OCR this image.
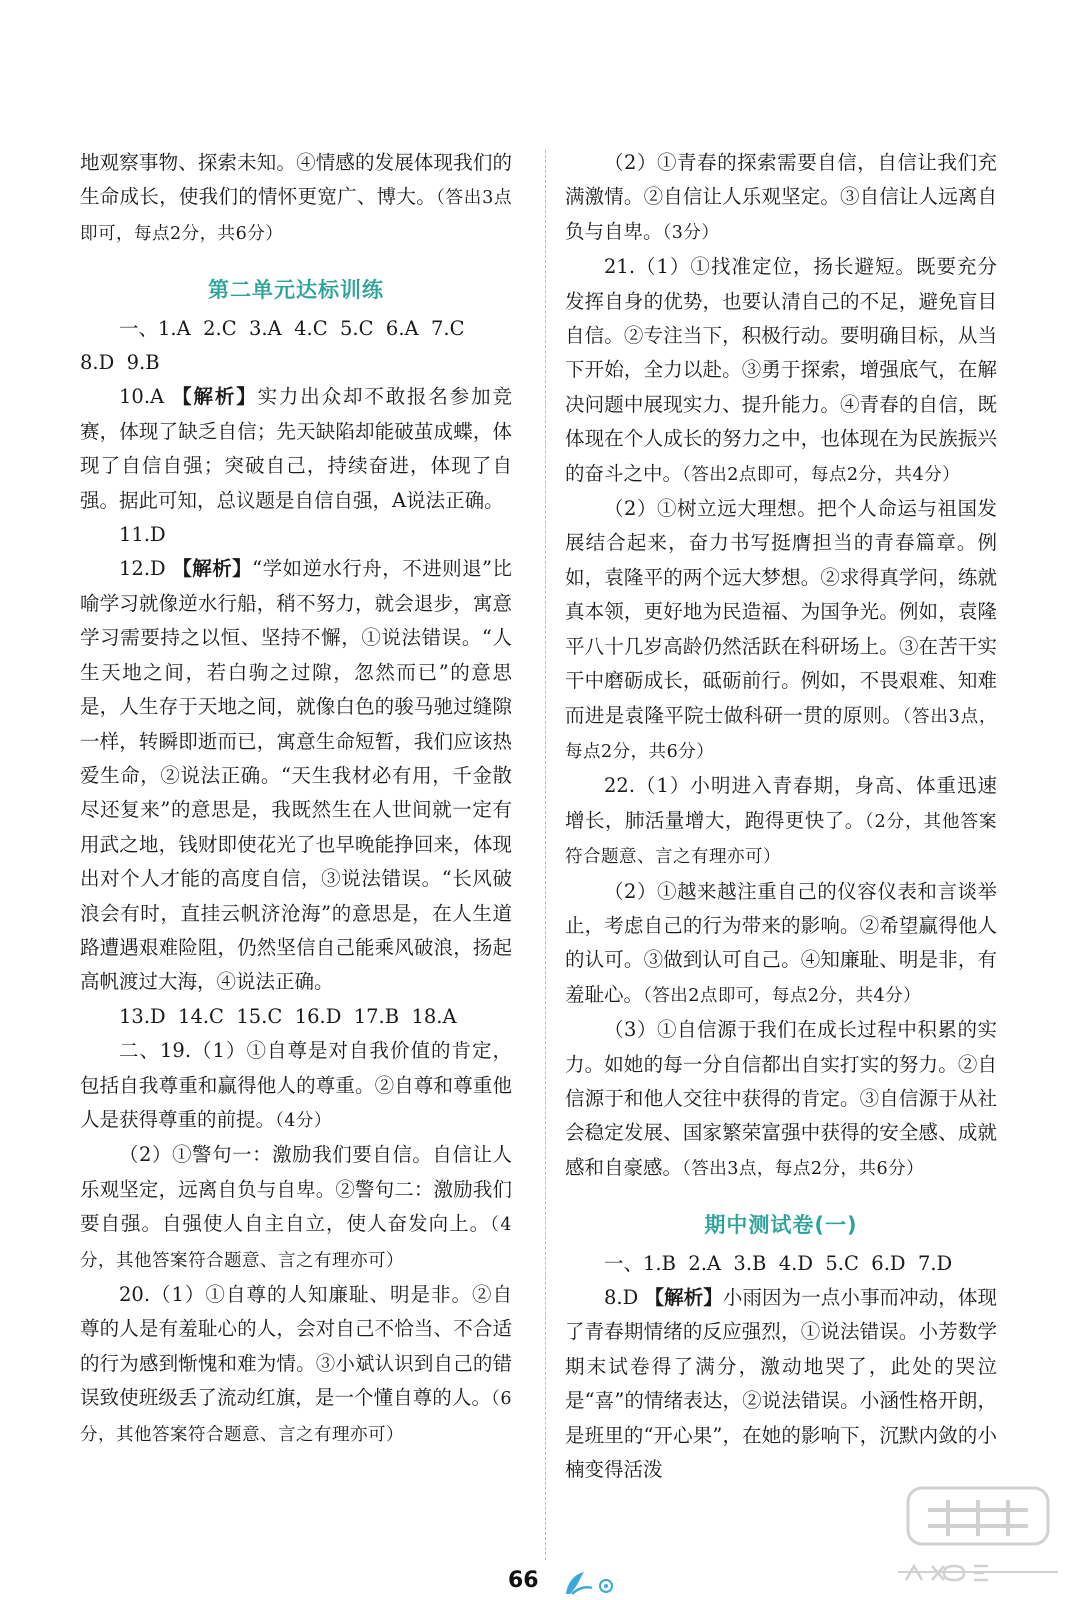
地观察事物、探索未知。④情感的发展体现我们的生命成长，使我们的情怀更宽广、博大。（答出3点即可，每点2分，共6分）

第二单元达标训练

一、1.A  2.C  3.A  4.C  5.C  6.A  7.C

8.D  9.B

10.A 【解析】实力出众却不敢报名参加竞赛，体现了缺乏自信；先天缺陷却能破茧成蝶，体现了自信自强；突破自己，持续奋进，体现了自强。据此可知，总议题是自信自强，A说法正确。

11.D

12.D 【解析】“学如逆水行舟，不进则退”比喻学习就像逆水行船，稍不努力，就会退步，寓意学习需要持之以恒、坚持不懈，①说法错误。“人生天地之间，若白驹之过隙，忽然而已”的意思是，人生存于天地之间，就像白色的骏马驰过缝隙一样，转瞬即逝而已，寓意生命短暂，我们应该热爱生命，②说法正确。“天生我材必有用，千金散尽还复来”的意思是，我既然生在人世间就一定有用武之地，钱财即使花光了也早晚能挣回来，体现出对个人才能的高度自信，③说法错误。“长风破浪会有时，直挂云帆济沧海”的意思是，在人生道路遭遇艰难险阻，仍然坚信自己能乘风破浪，扬起高帆渡过大海，④说法正确。

13.D  14.C  15.C  16.D  17.B  18.A

二、19.（1）①自尊是对自我价值的肯定，包括自我尊重和赢得他人的尊重。②自尊和尊重他人是获得尊重的前提。（4分）

（2）①警句一：激励我们要自信。自信让人乐观坚定，远离自负与自卑。②警句二：激励我们要自强。自强使人自主自立，使人奋发向上。（4分，其他答案符合题意、言之有理亦可）

20.（1）①自尊的人知廉耻、明是非。②自尊的人是有羞耻心的人，会对自己不恰当、不合适的行为感到惭愧和难为情。③小斌认识到自己的错误致使班级丢了流动红旗，是一个懂自尊的人。（6分，其他答案符合题意、言之有理亦可）

（2）①青春的探索需要自信，自信让我们充满激情。②自信让人乐观坚定。③自信让人远离自负与自卑。（3分）

21.（1）①找准定位，扬长避短。既要充分发挥自身的优势，也要认清自己的不足，避免盲目自信。②专注当下，积极行动。要明确目标，从当下开始，全力以赴。③勇于探索，增强底气，在解决问题中展现实力、提升能力。④青春的自信，既体现在个人成长的努力之中，也体现在为民族振兴的奋斗之中。（答出2点即可，每点2分，共4分）

（2）①树立远大理想。把个人命运与祖国发展结合起来，奋力书写挺膺担当的青春篇章。例如，袁隆平的两个远大梦想。②求得真学问，练就真本领，更好地为民造福、为国争光。例如，袁隆平八十几岁高龄仍然活跃在科研场上。③在苦干实干中磨砺成长，砥砺前行。例如，不畏艰难、知难而进是袁隆平院士做科研一贯的原则。（答出3点，每点2分，共6分）

22.（1）小明进入青春期，身高、体重迅速增长，肺活量增大，跑得更快了。（2分，其他答案符合题意、言之有理亦可）

（2）①越来越注重自己的仪容仪表和言谈举止，考虑自己的行为带来的影响。②希望赢得他人的认可。③做到认可自己。④知廉耻、明是非，有羞耻心。（答出2点即可，每点2分，共4分）

（3）①自信源于我们在成长过程中积累的实力。如她的每一分自信都出自实打实的努力。②自信源于和他人交往中获得的肯定。③自信源于从社会稳定发展、国家繁荣富强中获得的安全感、成就感和自豪感。（答出3点，每点2分，共6分）

期中测试卷(一)

一、1.B  2.A  3.B  4.D  5.C  6.D  7.D

8.D 【解析】小雨因为一点小事而冲动，体现了青春期情绪的反应强烈，①说法错误。小芳数学期末试卷得了满分，激动地哭了，此处的哭泣是“喜”的情绪表达，②说法错误。小涵性格开朗，是班里的“开心果”，在她的影响下，沉默内敛的小楠变得活泼

66
